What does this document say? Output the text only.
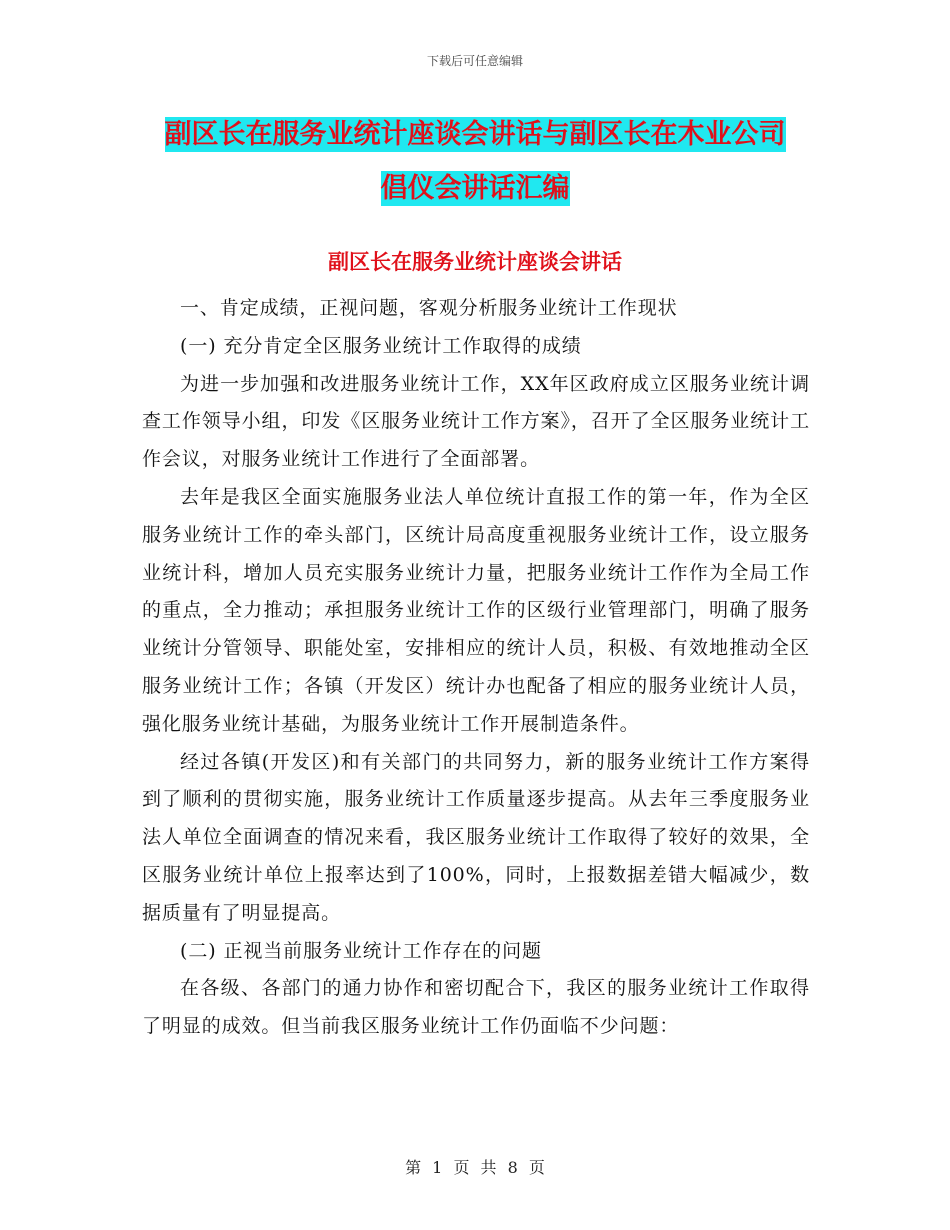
下载后可任意编辑
副区长在服务业统计座谈会讲话与副区长在木业公司
倡仪会讲话汇编
副区长在服务业统计座谈会讲话

一、肯定成绩，正视问题，客观分析服务业统计工作现状

(一) 充分肯定全区服务业统计工作取得的成绩

为进一步加强和改进服务业统计工作，XX年区政府成立区服务业统计调查工作领导小组，印发《区服务业统计工作方案》，召开了全区服务业统计工作会议，对服务业统计工作进行了全面部署。

去年是我区全面实施服务业法人单位统计直报工作的第一年，作为全区服务业统计工作的牵头部门，区统计局高度重视服务业统计工作，设立服务业统计科，增加人员充实服务业统计力量，把服务业统计工作作为全局工作的重点，全力推动；承担服务业统计工作的区级行业管理部门，明确了服务业统计分管领导、职能处室，安排相应的统计人员，积极、有效地推动全区服务业统计工作；各镇（开发区）统计办也配备了相应的服务业统计人员，强化服务业统计基础，为服务业统计工作开展制造条件。

经过各镇(开发区)和有关部门的共同努力，新的服务业统计工作方案得到了顺利的贯彻实施，服务业统计工作质量逐步提高。从去年三季度服务业法人单位全面调查的情况来看，我区服务业统计工作取得了较好的效果，全区服务业统计单位上报率达到了100%，同时，上报数据差错大幅减少，数据质量有了明显提高。

(二) 正视当前服务业统计工作存在的问题

在各级、各部门的通力协作和密切配合下，我区的服务业统计工作取得了明显的成效。但当前我区服务业统计工作仍面临不少问题：

第 1 页 共 8 页
